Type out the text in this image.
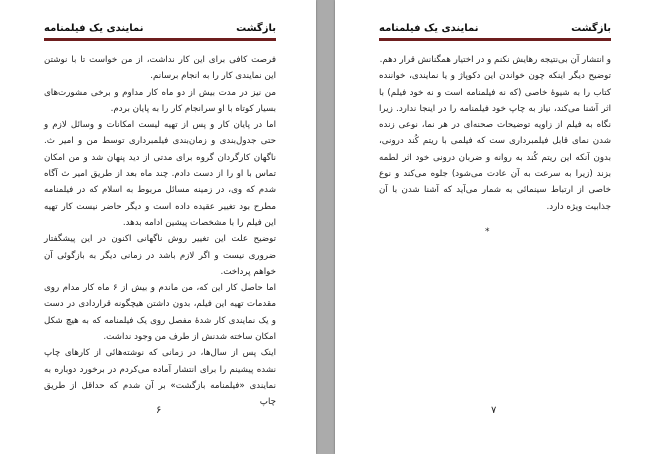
نمایندی یک فیلمنامه	بازگشت

فرصت کافی برای این کار نداشت، از من خواست تا با نوشتن این نمایندی کار را به انجام برسانم.

من نیز در مدت بیش از دو ماه کار مداوم و برخی مشورت‌های بسیار کوتاه با او سرانجام کار را به پایان بردم.

اما در پایان کار و پس از تهیه لیست امکانات و وسائل لازم و حتی جدول‌بندی و زمان‌بندی فیلمبرداری توسط من و امیر ث. ناگهان کارگردان گروه برای مدتی از دید پنهان شد و من امکان تماس با او را از دست دادم. چند ماه بعد از طریق امیر ث آگاه شدم که وی، در زمینه مسائل مربوط به اسلام که در فیلمنامه مطرح بود تغییر عقیده داده است و دیگر حاضر نیست کار تهیه این فیلم را با مشخصات پیشین ادامه بدهد.

توضیح علت این تغییر روش ناگهانی اکنون در این پیشگفتار ضروری نیست و اگر لازم باشد در زمانی دیگر به بازگوئی آن خواهم پرداخت.

اما حاصل کار این که، من ماندم و بیش از ۶ ماه کار مدام روی مقدمات تهیه این فیلم، بدون داشتن هیچگونه قراردادی در دست و یک نمایندی کار شدهٔ مفصل روی یک فیلمنامه که به هیچ شکل امکان ساخته شدنش از طرف من وجود نداشت.

اینک پس از سال‌ها، در زمانی که نوشته‌هائی از کارهای چاپ نشده پیشینم را برای انتشار آماده می‌کردم در برخورد دوباره به نمایندی «فیلمنامه بازگشت» بر آن شدم که حداقل از طریق چاپ

۶
نمایندی یک فیلمنامه	بازگشت

و انتشار آن بی‌نتیجه رهایش نکنم و در اختیار همگنانش قرار دهم.

توضیح دیگر اینکه چون خواندن این دکوپاژ و یا نمایندی، خواننده کتاب را به شیوهٔ خاصی (که نه فیلمنامه است و نه خود فیلم) با اثر آشنا می‌کند، نیاز به چاپ خود فیلمنامه را در اینجا ندارد. زیرا نگاه به فیلم از زاویه توضیحات صحنه‌ای در هر نما، نوعی زنده شدن نمای قابل فیلمبرداری ست که فیلمی با ریتم کُند درونی، بدون آنکه این ریتم کُند به روانه و ضربان درونی خود اثر لطمه بزند (زیرا به سرعت به آن عادت می‌شود) جلوه می‌کند و نوع خاصی از ارتباط سینمائی به شمار می‌آید که آشنا شدن با آن جذابیت ویژه دارد.

*
۷
